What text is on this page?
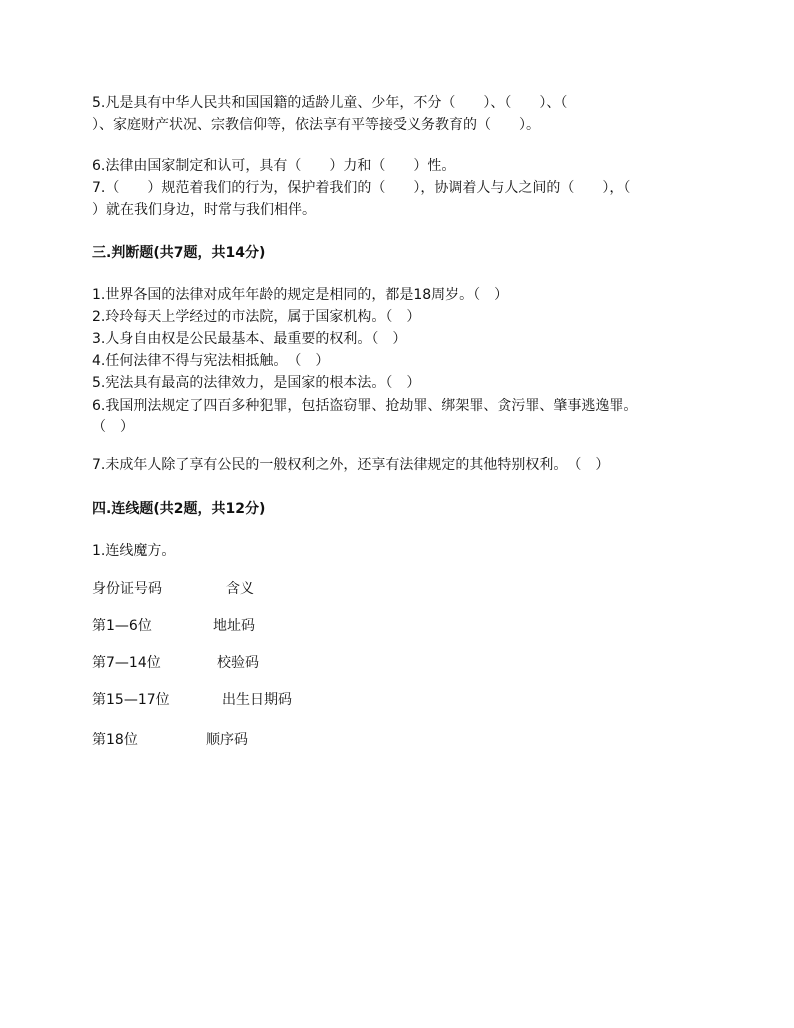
5.凡是具有中华人民共和国国籍的适龄儿童、少年，不分（　　）、（　　）、（
）、家庭财产状况、宗教信仰等，依法享有平等接受义务教育的（　　）。
6.法律由国家制定和认可，具有（　　）力和（　　）性。
7.（　　）规范着我们的行为，保护着我们的（　　），协调着人与人之间的（　　），（
）就在我们身边，时常与我们相伴。
三.判断题(共7题，共14分)
1.世界各国的法律对成年年龄的规定是相同的，都是18周岁。（　）
2.玲玲每天上学经过的市法院，属于国家机构。（　）
3.人身自由权是公民最基本、最重要的权利。（　）
4.任何法律不得与宪法相抵触。　（　）
5.宪法具有最高的法律效力，是国家的根本法。（　）
6.我国刑法规定了四百多种犯罪，包括盗窃罪、抢劫罪、绑架罪、贪污罪、肇事逃逸罪。
（　）
7.未成年人除了享有公民的一般权利之外，还享有法律规定的其他特别权利。　（　）
四.连线题(共2题，共12分)
1.连线魔方。
身份证号码	含义
第1—6位	地址码
第7—14位	校验码
第15—17位	出生日期码
第18位	顺序码
